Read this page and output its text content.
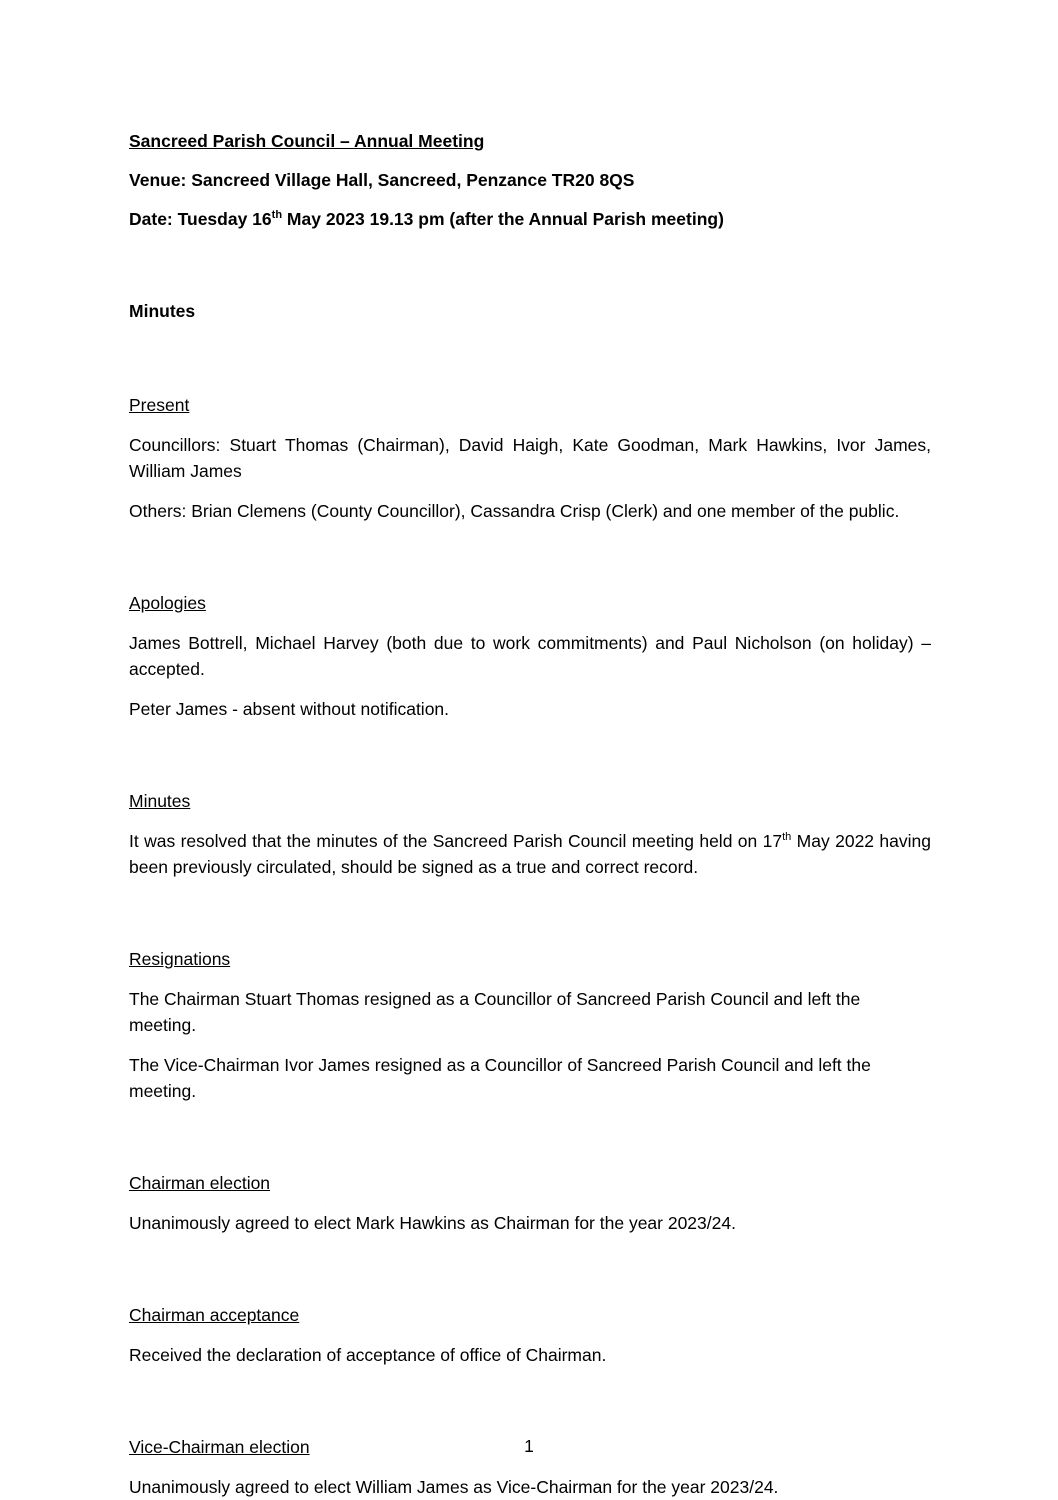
Sancreed Parish Council – Annual Meeting

Venue: Sancreed Village Hall, Sancreed, Penzance TR20 8QS

Date: Tuesday 16th May 2023 19.13 pm (after the Annual Parish meeting)

Minutes

Present

Councillors: Stuart Thomas (Chairman), David Haigh, Kate Goodman, Mark Hawkins, Ivor James, William James

Others: Brian Clemens (County Councillor), Cassandra Crisp (Clerk) and one member of the public.

Apologies

James Bottrell, Michael Harvey (both due to work commitments) and Paul Nicholson (on holiday) – accepted.

Peter James - absent without notification.

Minutes

It was resolved that the minutes of the Sancreed Parish Council meeting held on 17th May 2022 having been previously circulated, should be signed as a true and correct record.

Resignations

The Chairman Stuart Thomas resigned as a Councillor of Sancreed Parish Council and left the meeting.

The Vice-Chairman Ivor James resigned as a Councillor of Sancreed Parish Council and left the meeting.

Chairman election

Unanimously agreed to elect Mark Hawkins as Chairman for the year 2023/24.

Chairman acceptance

Received the declaration of acceptance of office of Chairman.

Vice-Chairman election

Unanimously agreed to elect William James as Vice-Chairman for the year 2023/24.

1
